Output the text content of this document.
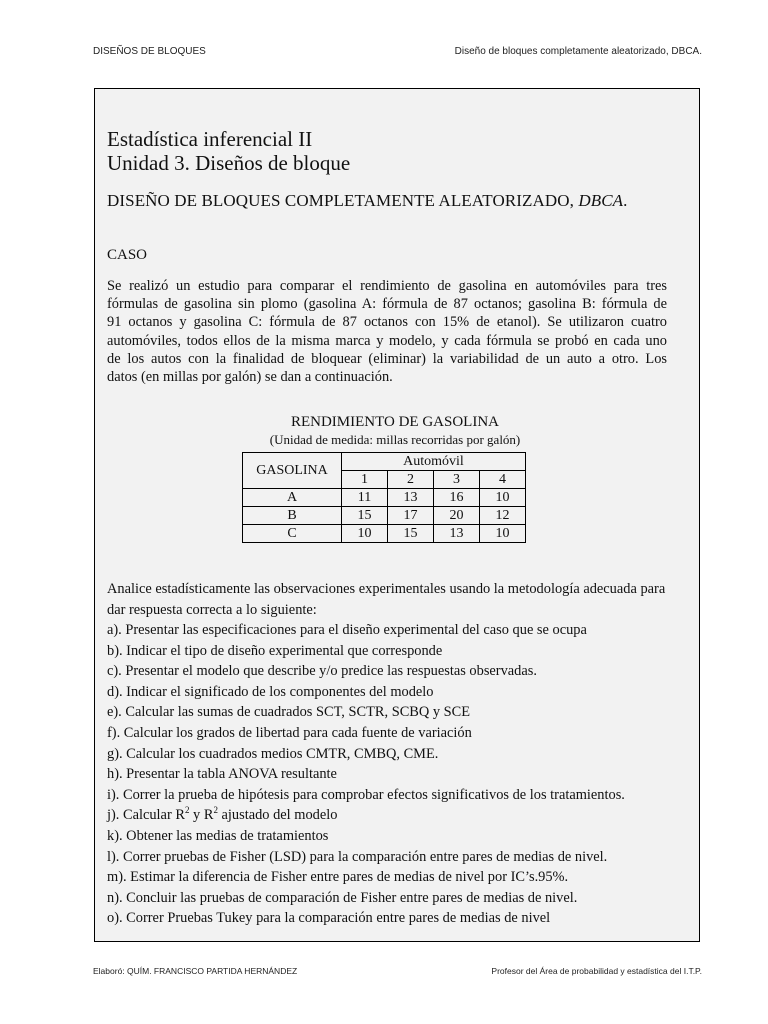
DISEÑOS DE BLOQUES	Diseño de bloques completamente aleatorizado, DBCA.
Estadística inferencial II
Unidad 3. Diseños de bloque
DISEÑO DE BLOQUES COMPLETAMENTE ALEATORIZADO, DBCA.
CASO
Se realizó un estudio para comparar el rendimiento de gasolina en automóviles para tres
fórmulas de gasolina sin plomo (gasolina A: fórmula de 87 octanos; gasolina B: fórmula de
91 octanos y gasolina C: fórmula de 87 octanos con 15% de etanol). Se utilizaron cuatro
automóviles, todos ellos de la misma marca y modelo, y cada fórmula se probó en cada uno
de los autos con la finalidad de bloquear (eliminar) la variabilidad de un auto a otro. Los
datos (en millas por galón) se dan a continuación.
RENDIMIENTO DE GASOLINA
(Unidad de medida: millas recorridas por galón)
GASOLINA	Automóvil			
	1	2	3	4
A	11	13	16	10
B	15	17	20	12
C	10	15	13	10
Analice estadísticamente las observaciones experimentales usando la metodología adecuada para dar respuesta correcta a lo siguiente:
a). Presentar las especificaciones para el diseño experimental del caso que se ocupa
b). Indicar el tipo de diseño experimental que corresponde
c). Presentar el modelo que describe y/o predice las respuestas observadas.
d). Indicar el significado de los componentes del modelo
e). Calcular las sumas de cuadrados SCT, SCTR, SCBQ y SCE
f). Calcular los grados de libertad para cada fuente de variación
g). Calcular los cuadrados medios CMTR, CMBQ, CME.
h). Presentar la tabla ANOVA resultante
i). Correr la prueba de hipótesis para comprobar efectos significativos de los tratamientos.
j). Calcular $R^2$ y $R^2$ ajustado del modelo
k). Obtener las medias de tratamientos
l). Correr pruebas de Fisher (LSD) para la comparación entre pares de medias de nivel.
m). Estimar la diferencia de Fisher entre pares de medias de nivel por IC’s.95%.
n). Concluir las pruebas de comparación de Fisher entre pares de medias de nivel.
o). Correr Pruebas Tukey para la comparación entre pares de medias de nivel
Elaboró: QUÍM. FRANCISCO PARTIDA HERNÁNDEZ	Profesor del Área de probabilidad y estadística del I.T.P.
